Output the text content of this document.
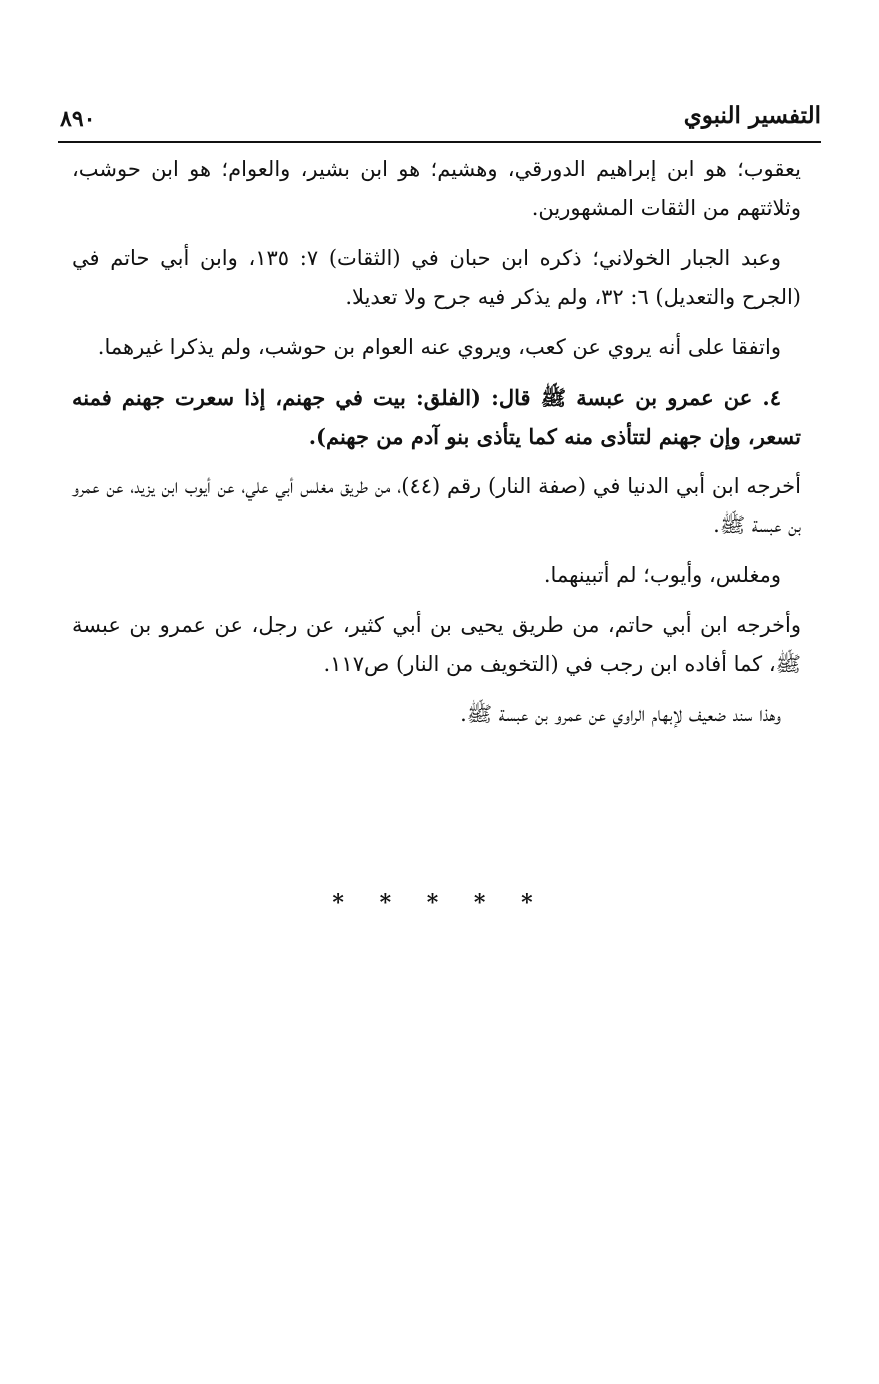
التفسير النبوي
٨٩٠

يعقوب؛ هو ابن إبراهيم الدورقي، وهشيم؛ هو ابن بشير، والعوام؛ هو ابن حوشب، وثلاثتهم من الثقات المشهورين.

وعبد الجبار الخولاني؛ ذكره ابن حبان في (الثقات) ٧: ١٣٥، وابن أبي حاتم في (الجرح والتعديل) ٦: ٣٢، ولم يذكر فيه جرح ولا تعديلا.

واتفقا على أنه يروي عن كعب، ويروي عنه العوام بن حوشب، ولم يذكرا غيرهما.

٤. عن عمرو بن عبسة ﷺ قال: (الفلق: بيت في جهنم، إذا سعرت جهنم فمنه تسعر، وإن جهنم لتتأذى منه كما يتأذى بنو آدم من جهنم).

أخرجه ابن أبي الدنيا في (صفة النار) رقم (٤٤)، من طريق مغلس أبي علي، عن أيوب ابن يزيد، عن عمرو بن عبسة ﷺ.

ومغلس، وأيوب؛ لم أتبينهما.

وأخرجه ابن أبي حاتم، من طريق يحيى بن أبي كثير، عن رجل، عن عمرو بن عبسة ﷺ، كما أفاده ابن رجب في (التخويف من النار) ص١١٧.

وهذا سند ضعيف لإبهام الراوي عن عمرو بن عبسة ﷺ.

* * * * *
